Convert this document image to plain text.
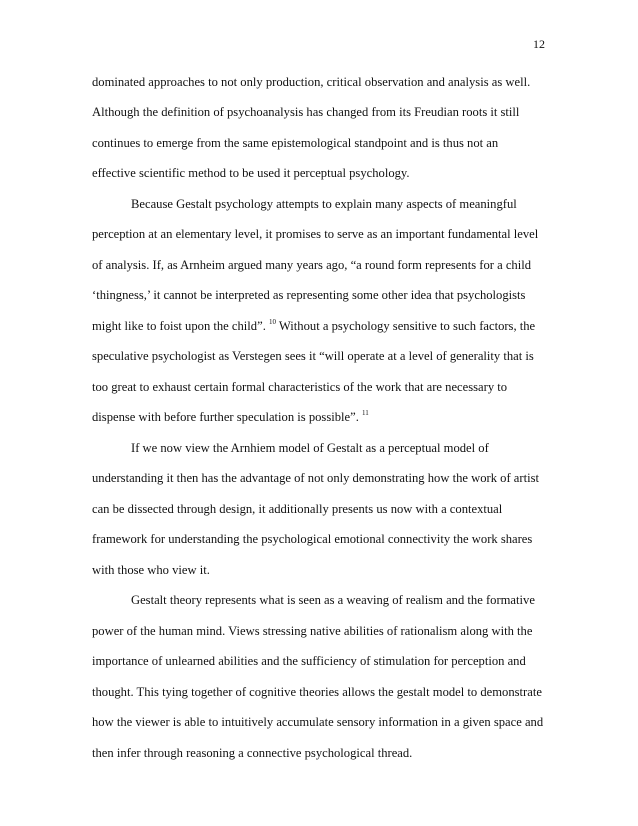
12
dominated approaches to not only production, critical observation and analysis as well.
Although the definition of psychoanalysis has changed from its Freudian roots it still
continues to emerge from the same epistemological standpoint and is thus not an
effective scientific method to be used it perceptual psychology.
Because Gestalt psychology attempts to explain many aspects of meaningful
perception at an elementary level, it promises to serve as an important fundamental level
of analysis. If, as Arnheim argued many years ago, “a round form represents for a child
‘thingness,’ it cannot be interpreted as representing some other idea that psychologists
might like to foist upon the child”. $^{10}$ Without a psychology sensitive to such factors, the
speculative psychologist as Verstegen sees it “will operate at a level of generality that is
too great to exhaust certain formal characteristics of the work that are necessary to
dispense with before further speculation is possible”. $^{11}$
If we now view the Arnhiem model of Gestalt as a perceptual model of
understanding it then has the advantage of not only demonstrating how the work of artist
can be dissected through design, it additionally presents us now with a contextual
framework for understanding the psychological emotional connectivity the work shares
with those who view it.
Gestalt theory represents what is seen as a weaving of realism and the formative
power of the human mind. Views stressing native abilities of rationalism along with the
importance of unlearned abilities and the sufficiency of stimulation for perception and
thought. This tying together of cognitive theories allows the gestalt model to demonstrate
how the viewer is able to intuitively accumulate sensory information in a given space and
then infer through reasoning a connective psychological thread.
